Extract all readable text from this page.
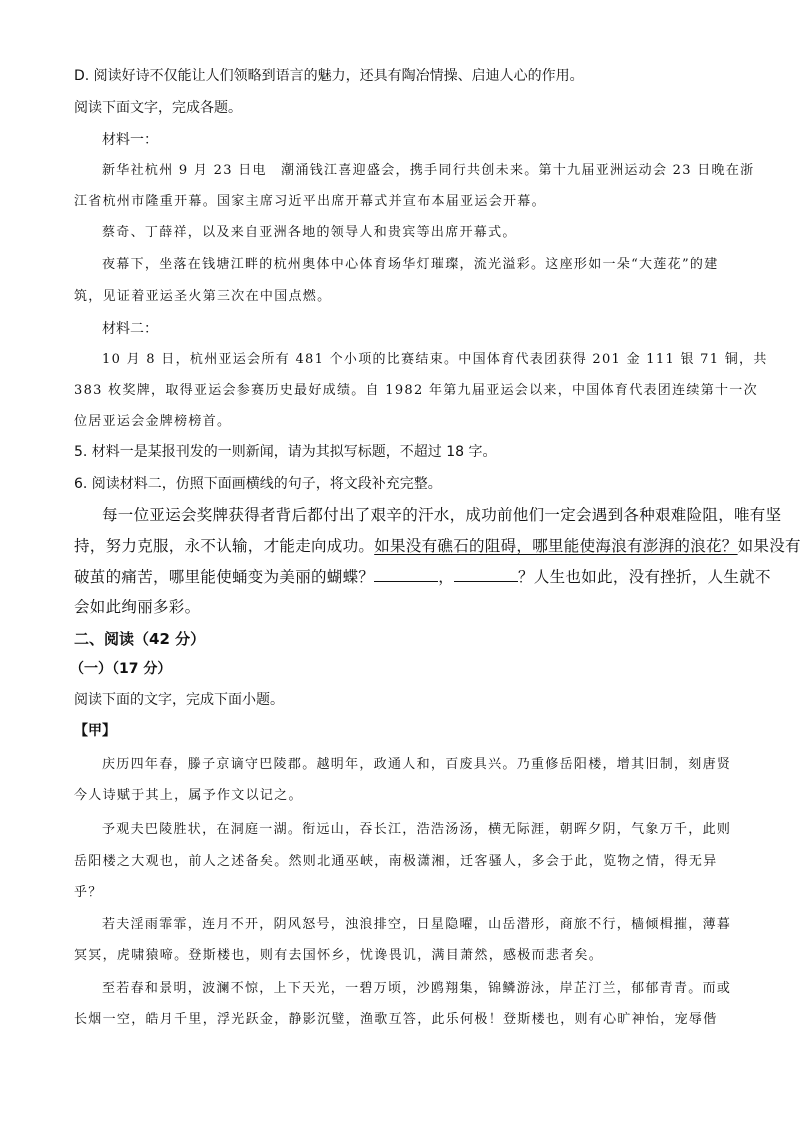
D. 阅读好诗不仅能让人们领略到语言的魅力，还具有陶冶情操、启迪人心的作用。

阅读下面文字，完成各题。

材料一：

新华社杭州 9 月 23 日电　潮涌钱江喜迎盛会，携手同行共创未来。第十九届亚洲运动会 23 日晚在浙

江省杭州市隆重开幕。国家主席习近平出席开幕式并宣布本届亚运会开幕。

蔡奇、丁薛祥，以及来自亚洲各地的领导人和贵宾等出席开幕式。

夜幕下，坐落在钱塘江畔的杭州奥体中心体育场华灯璀璨，流光溢彩。这座形如一朵“大莲花”的建

筑，见证着亚运圣火第三次在中国点燃。

材料二：

10 月 8 日，杭州亚运会所有 481 个小项的比赛结束。中国体育代表团获得 201 金 111 银 71 铜，共

383 枚奖牌，取得亚运会参赛历史最好成绩。自 1982 年第九届亚运会以来，中国体育代表团连续第十一次

位居亚运会金牌榜榜首。

5. 材料一是某报刊发的一则新闻，请为其拟写标题，不超过 18 字。

6. 阅读材料二，仿照下面画横线的句子，将文段补充完整。

每一位亚运会奖牌获得者背后都付出了艰辛的汗水，成功前他们一定会遇到各种艰难险阻，唯有坚

持，努力克服，永不认输，才能走向成功。如果没有礁石的阻碍，哪里能使海浪有澎湃的浪花？如果没有

破茧的痛苦，哪里能使蛹变为美丽的蝴蝶？	，	？人生也如此，没有挫折，人生就不

会如此绚丽多彩。

二、阅读（42 分）

（一）（17 分）

阅读下面的文字，完成下面小题。

【甲】

庆历四年春，滕子京谪守巴陵郡。越明年，政通人和，百废具兴。乃重修岳阳楼，增其旧制，刻唐贤

今人诗赋于其上，属予作文以记之。

予观夫巴陵胜状，在洞庭一湖。衔远山，吞长江，浩浩汤汤，横无际涯，朝晖夕阴，气象万千，此则

岳阳楼之大观也，前人之述备矣。然则北通巫峡，南极潇湘，迁客骚人，多会于此，览物之情，得无异

乎？

若夫淫雨霏霏，连月不开，阴风怒号，浊浪排空，日星隐曜，山岳潜形，商旅不行，樯倾楫摧，薄暮

冥冥，虎啸猿啼。登斯楼也，则有去国怀乡，忧谗畏讥，满目萧然，感极而悲者矣。

至若春和景明，波澜不惊，上下天光，一碧万顷，沙鸥翔集，锦鳞游泳，岸芷汀兰，郁郁青青。而或

长烟一空，皓月千里，浮光跃金，静影沉璧，渔歌互答，此乐何极！登斯楼也，则有心旷神怡，宠辱偕
